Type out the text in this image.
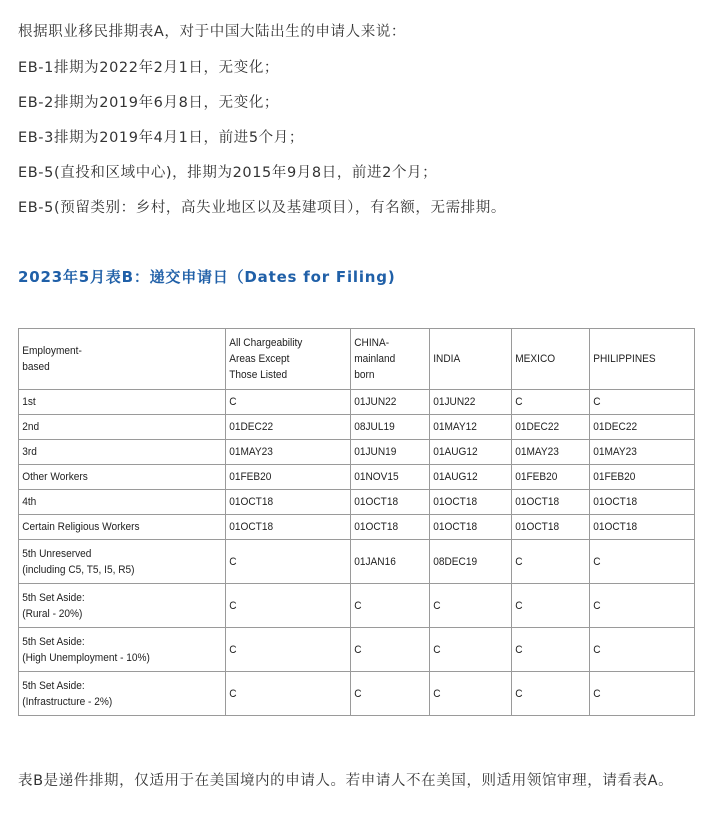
根据职业移民排期表A，对于中国大陆出生的申请人来说：

EB-1排期为2022年2月1日，无变化；

EB-2排期为2019年6月8日，无变化；

EB-3排期为2019年4月1日，前进5个月；

EB-5(直投和区域中心)，排期为2015年9月8日，前进2个月；

EB-5(预留类别：乡村，高失业地区以及基建项目），有名额，无需排期。

2023年5月表B：递交申请日（Dates for Filing)
Employment-
based	All Chargeability
Areas Except
Those Listed	CHINA-
mainland
born	INDIA	MEXICO	PHILIPPINES

1st	C	01JUN22	01JUN22	C	C
2nd	01DEC22	08JUL19	01MAY12	01DEC22	01DEC22
3rd	01MAY23	01JUN19	01AUG12	01MAY23	01MAY23
Other Workers	01FEB20	01NOV15	01AUG12	01FEB20	01FEB20
4th	01OCT18	01OCT18	01OCT18	01OCT18	01OCT18
Certain Religious Workers	01OCT18	01OCT18	01OCT18	01OCT18	01OCT18

5th Unreserved
(including C5, T5, I5, R5)	C	01JAN16	08DEC19	C	C

5th Set Aside:
(Rural - 20%)	C	C	C	C	C

5th Set Aside:
(High Unemployment - 10%)	C	C	C	C	C

5th Set Aside:
(Infrastructure - 2%)	C	C	C	C	C

表B是递件排期，仅适用于在美国境内的申请人。若申请人不在美国，则适用领馆审理，请看表A。
